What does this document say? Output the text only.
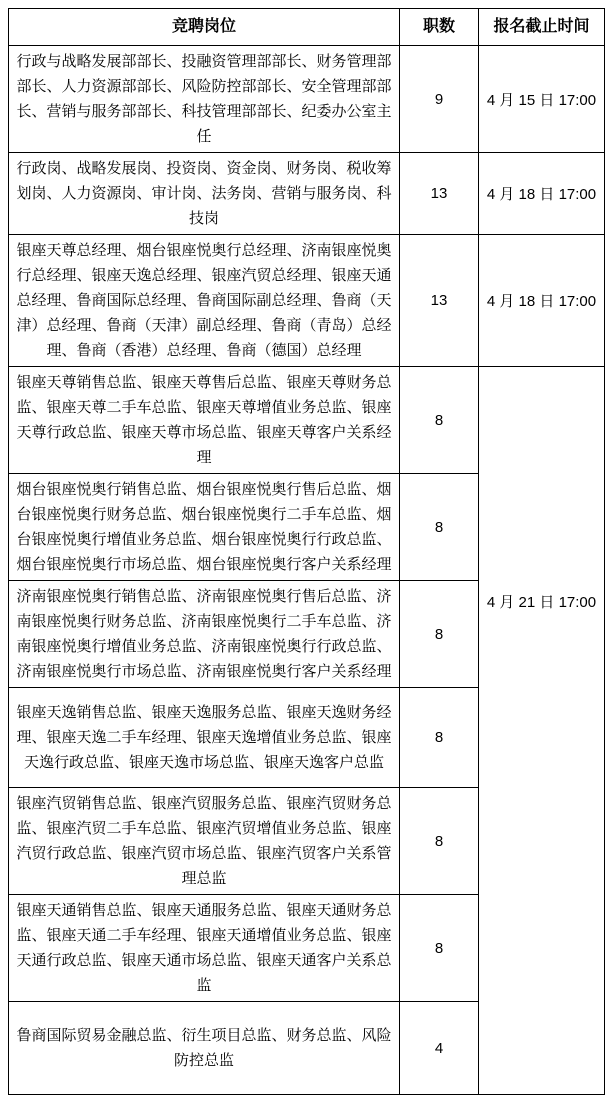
竞聘岗位	职数	报名截止时间
行政与战略发展部部长、投融资管理部部长、财务管理部部长、人力资源部部长、风险防控部部长、安全管理部部长、营销与服务部部长、科技管理部部长、纪委办公室主任	9	4 月 15 日 17:00
行政岗、战略发展岗、投资岗、资金岗、财务岗、税收筹划岗、人力资源岗、审计岗、法务岗、营销与服务岗、科技岗	13	4 月 18 日 17:00
银座天尊总经理、烟台银座悦奥行总经理、济南银座悦奥行总经理、银座天逸总经理、银座汽贸总经理、银座天通总经理、鲁商国际总经理、鲁商国际副总经理、鲁商（天津）总经理、鲁商（天津）副总经理、鲁商（青岛）总经理、鲁商（香港）总经理、鲁商（德国）总经理	13	4 月 18 日 17:00
银座天尊销售总监、银座天尊售后总监、银座天尊财务总监、银座天尊二手车总监、银座天尊增值业务总监、银座天尊行政总监、银座天尊市场总监、银座天尊客户关系经理	8	4 月 21 日 17:00
烟台银座悦奥行销售总监、烟台银座悦奥行售后总监、烟台银座悦奥行财务总监、烟台银座悦奥行二手车总监、烟台银座悦奥行增值业务总监、烟台银座悦奥行行政总监、烟台银座悦奥行市场总监、烟台银座悦奥行客户关系经理	8	
济南银座悦奥行销售总监、济南银座悦奥行售后总监、济南银座悦奥行财务总监、济南银座悦奥行二手车总监、济南银座悦奥行增值业务总监、济南银座悦奥行行政总监、济南银座悦奥行市场总监、济南银座悦奥行客户关系经理	8	
银座天逸销售总监、银座天逸服务总监、银座天逸财务经理、银座天逸二手车经理、银座天逸增值业务总监、银座天逸行政总监、银座天逸市场总监、银座天逸客户总监	8	
银座汽贸销售总监、银座汽贸服务总监、银座汽贸财务总监、银座汽贸二手车总监、银座汽贸增值业务总监、银座汽贸行政总监、银座汽贸市场总监、银座汽贸客户关系管理总监	8	
银座天通销售总监、银座天通服务总监、银座天通财务总监、银座天通二手车经理、银座天通增值业务总监、银座天通行政总监、银座天通市场总监、银座天通客户关系总监	8	
鲁商国际贸易金融总监、衍生项目总监、财务总监、风险防控总监	4	
